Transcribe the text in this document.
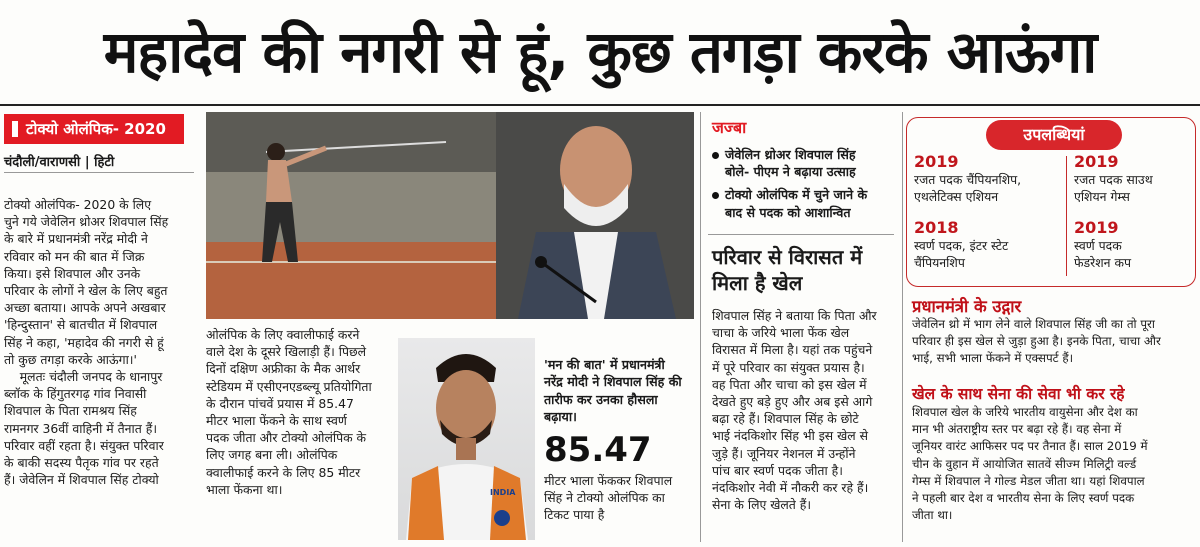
महादेव की नगरी से हूं, कुछ तगड़ा करके आऊंगा
टोक्यो ओलंपिक- 2020
चंदौली/वाराणसी | हिटी

टोक्यो ओलंपिक- 2020 के लिए

चुने गये जेवेलिन थ्रोअर शिवपाल सिंह

के बारे में प्रधानमंत्री नरेंद्र मोदी ने

रविवार को मन की बात में जिक्र

किया। इसे शिवपाल और उनके

परिवार के लोगों ने खेल के लिए बहुत

अच्छा बताया। आपके अपने अखबार

'हिन्दुस्तान' से बातचीत में शिवपाल

सिंह ने कहा, 'महादेव की नगरी से हूं

तो कुछ तगड़ा करके आऊंगा।'

मूलतः चंदौली जनपद के धानापुर

ब्लॉक के हिंगुतरगढ़ गांव निवासी

शिवपाल के पिता रामश्रय सिंह

रामनगर 36वीं वाहिनी में तैनात हैं।

परिवार वहीं रहता है। संयुक्त परिवार

के बाकी सदस्य पैतृक गांव पर रहते

हैं। जेवेलिन में शिवपाल सिंह टोक्यो

ओलंपिक के लिए क्वालीफाई करने

वाले देश के दूसरे खिलाड़ी हैं। पिछले

दिनों दक्षिण अफ्रीका के मैक आर्थर

स्टेडियम में एसीएनएडब्ल्यू प्रतियोगिता

के दौरान पांचवें प्रयास में 85.47

मीटर भाला फेंकने के साथ स्वर्ण

पदक जीता और टोक्यो ओलंपिक के

लिए जगह बना ली। ओलंपिक

क्वालीफाई करने के लिए 85 मीटर

भाला फेंकना था।	INDIA
'मन की बात' में प्रधानमंत्री
नरेंद्र मोदी ने शिवपाल सिंह की
तारीफ कर उनका हौसला
बढ़ाया।
85.47

मीटर भाला फेंककर शिवपाल

सिंह ने टोक्यो ओलंपिक का

टिकट पाया है

जज्बा
जेवेलिन थ्रोअर शिवपाल सिंह
बोले- पीएम ने बढ़ाया उत्साह
टोक्यो ओलंपिक में चुने जाने के
बाद से पदक को आशान्वित
परिवार से विरासत में
मिला है खेल

शिवपाल सिंह ने बताया कि पिता और

चाचा के जरिये भाला फेंक खेल

विरासत में मिला है। यहां तक पहुंचने

में पूरे परिवार का संयुक्त प्रयास है।

वह पिता और चाचा को इस खेल में

देखते हुए बड़े हुए और अब इसे आगे

बढ़ा रहे हैं। शिवपाल सिंह के छोटे

भाई नंदकिशोर सिंह भी इस खेल से

जुड़े हैं। जूनियर नेशनल में उन्होंने

पांच बार स्वर्ण पदक जीता है।

नंदकिशोर नेवी में नौकरी कर रहे हैं।

सेना के लिए खेलते हैं।

उपलब्धियां
2019
रजत पदक चैंपियनशिप,
एथलेटिक्स एशियन
2019
रजत पदक साउथ
एशियन गेम्स
2018
स्वर्ण पदक, इंटर स्टेट
चैंपियनशिप
2019
स्वर्ण पदक
फेडरेशन कप
प्रधानमंत्री के उद्गार

जेवेलिन थ्रो में भाग लेने वाले शिवपाल सिंह जी का तो पूरा

परिवार ही इस खेल से जुड़ा हुआ है। इनके पिता, चाचा और

भाई, सभी भाला फेंकने में एक्सपर्ट हैं।

खेल के साथ सेना की सेवा भी कर रहे

शिवपाल खेल के जरिये भारतीय वायुसेना और देश का

मान भी अंतराष्ट्रीय स्तर पर बढ़ा रहे हैं। वह सेना में

जूनियर वारंट आफिसर पद पर तैनात हैं। साल 2019 में

चीन के वुहान में आयोजित सातवें सीज्म मिलिट्री वर्ल्ड

गेम्स में शिवपाल ने गोल्ड मेडल जीता था। यहां शिवपाल

ने पहली बार देश व भारतीय सेना के लिए स्वर्ण पदक

जीता था।
